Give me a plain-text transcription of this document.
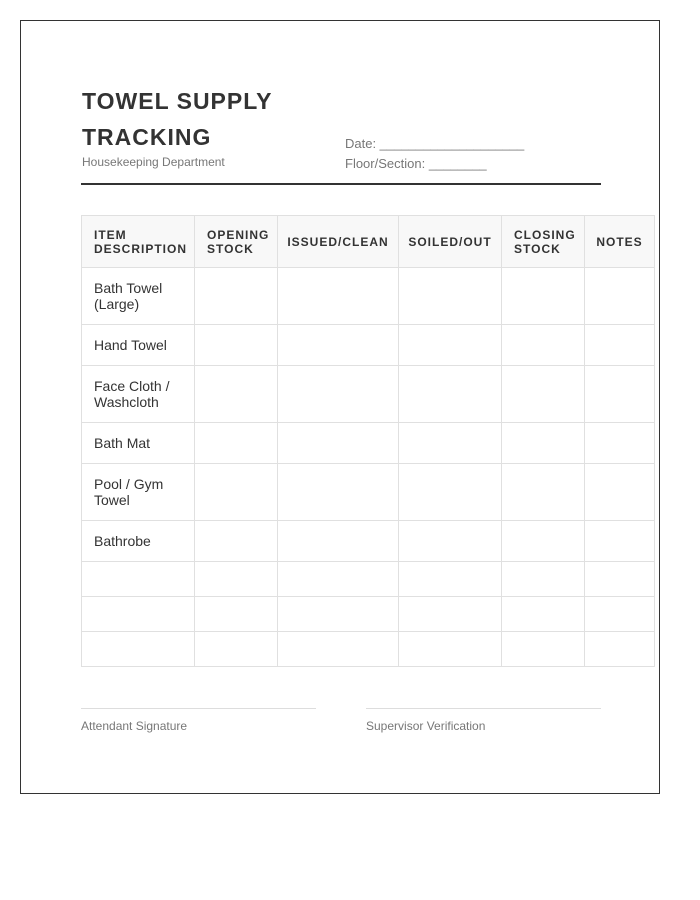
TOWEL SUPPLY TRACKING
Housekeeping Department
Date: ____________________
Floor/Section: ________
ITEM DESCRIPTION	OPENING STOCK	ISSUED/CLEAN	SOILED/OUT	CLOSING STOCK	NOTES
Bath Towel (Large)					
Hand Towel					
Face Cloth / Washcloth					
Bath Mat					
Pool / Gym Towel					
Bathrobe					

Attendant Signature	Supervisor Verification
